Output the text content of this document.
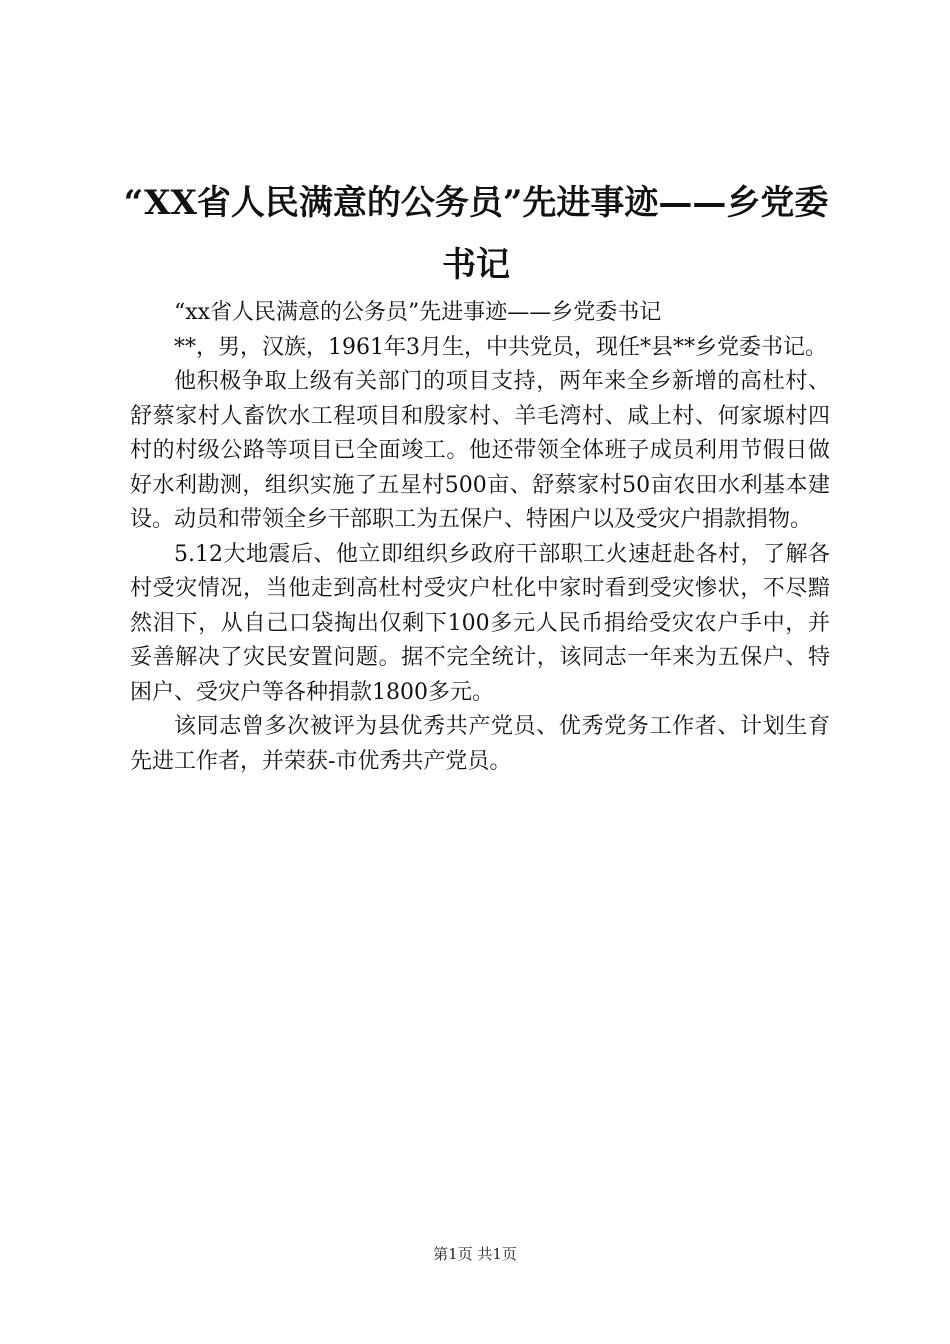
“XX省人民满意的公务员”先进事迹——乡党委书记

“xx省人民满意的公务员”先进事迹——乡党委书记

**，男，汉族，1961年3月生，中共党员，现任*县**乡党委书记。

他积极争取上级有关部门的项目支持，两年来全乡新增的高杜村、舒蔡家村人畜饮水工程项目和殷家村、羊毛湾村、咸上村、何家塬村四村的村级公路等项目已全面竣工。他还带领全体班子成员利用节假日做好水利勘测，组织实施了五星村500亩、舒蔡家村50亩农田水利基本建设。动员和带领全乡干部职工为五保户、特困户以及受灾户捐款捐物。

5.12大地震后、他立即组织乡政府干部职工火速赶赴各村，了解各村受灾情况，当他走到高杜村受灾户杜化中家时看到受灾惨状，不尽黯然泪下，从自己口袋掏出仅剩下100多元人民币捐给受灾农户手中，并妥善解决了灾民安置问题。据不完全统计，该同志一年来为五保户、特困户、受灾户等各种捐款1800多元。

该同志曾多次被评为县优秀共产党员、优秀党务工作者、计划生育先进工作者，并荣获-市优秀共产党员。

第1页 共1页
